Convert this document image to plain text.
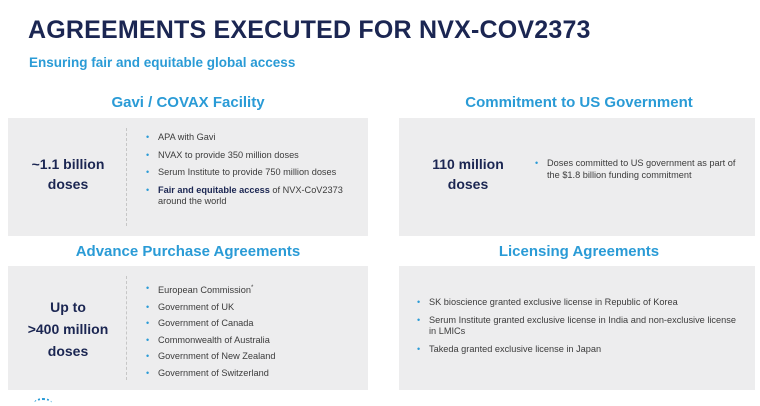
AGREEMENTS EXECUTED FOR NVX-COV2373
Ensuring fair and equitable global access
Gavi / COVAX Facility
~1.1 billion
doses
• APA with Gavi
• NVAX to provide 350 million doses
• Serum Institute to provide 750 million doses
• Fair and equitable access of NVX-CoV2373 around the world
Commitment to US Government
110 million
doses
• Doses committed to US government as part of the $1.8 billion funding commitment
Advance Purchase Agreements
Up to
>400 million
doses
• European Commission*
• Government of UK
• Government of Canada
• Commonwealth of Australia
• Government of New Zealand
• Government of Switzerland
Licensing Agreements
• SK bioscience granted exclusive license in Republic of Korea
• Serum Institute granted exclusive license in India and non-exclusive license in LMICs
• Takeda granted exclusive license in Japan
